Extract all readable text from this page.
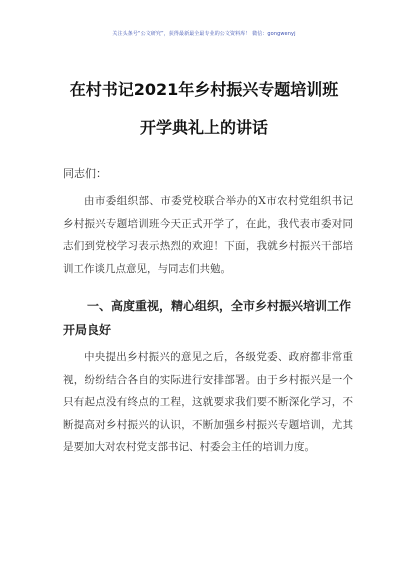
关注头条号“公文研究”，获得最新最全最专业的公文资料库！ 微信：gongwenyj
在村书记2021年乡村振兴专题培训班
开学典礼上的讲话
同志们：

由市委组织部、市委党校联合举办的X市农村党组织书记乡村振兴专题培训班今天正式开学了，在此，我代表市委对同志们到党校学习表示热烈的欢迎！下面，我就乡村振兴干部培训工作谈几点意见，与同志们共勉。

一、高度重视，精心组织，全市乡村振兴培训工作开局良好

中央提出乡村振兴的意见之后，各级党委、政府都非常重视，纷纷结合各自的实际进行安排部署。由于乡村振兴是一个只有起点没有终点的工程，这就要求我们要不断深化学习，不断提高对乡村振兴的认识，不断加强乡村振兴专题培训，尤其是要加大对农村党支部书记、村委会主任的培训力度。
